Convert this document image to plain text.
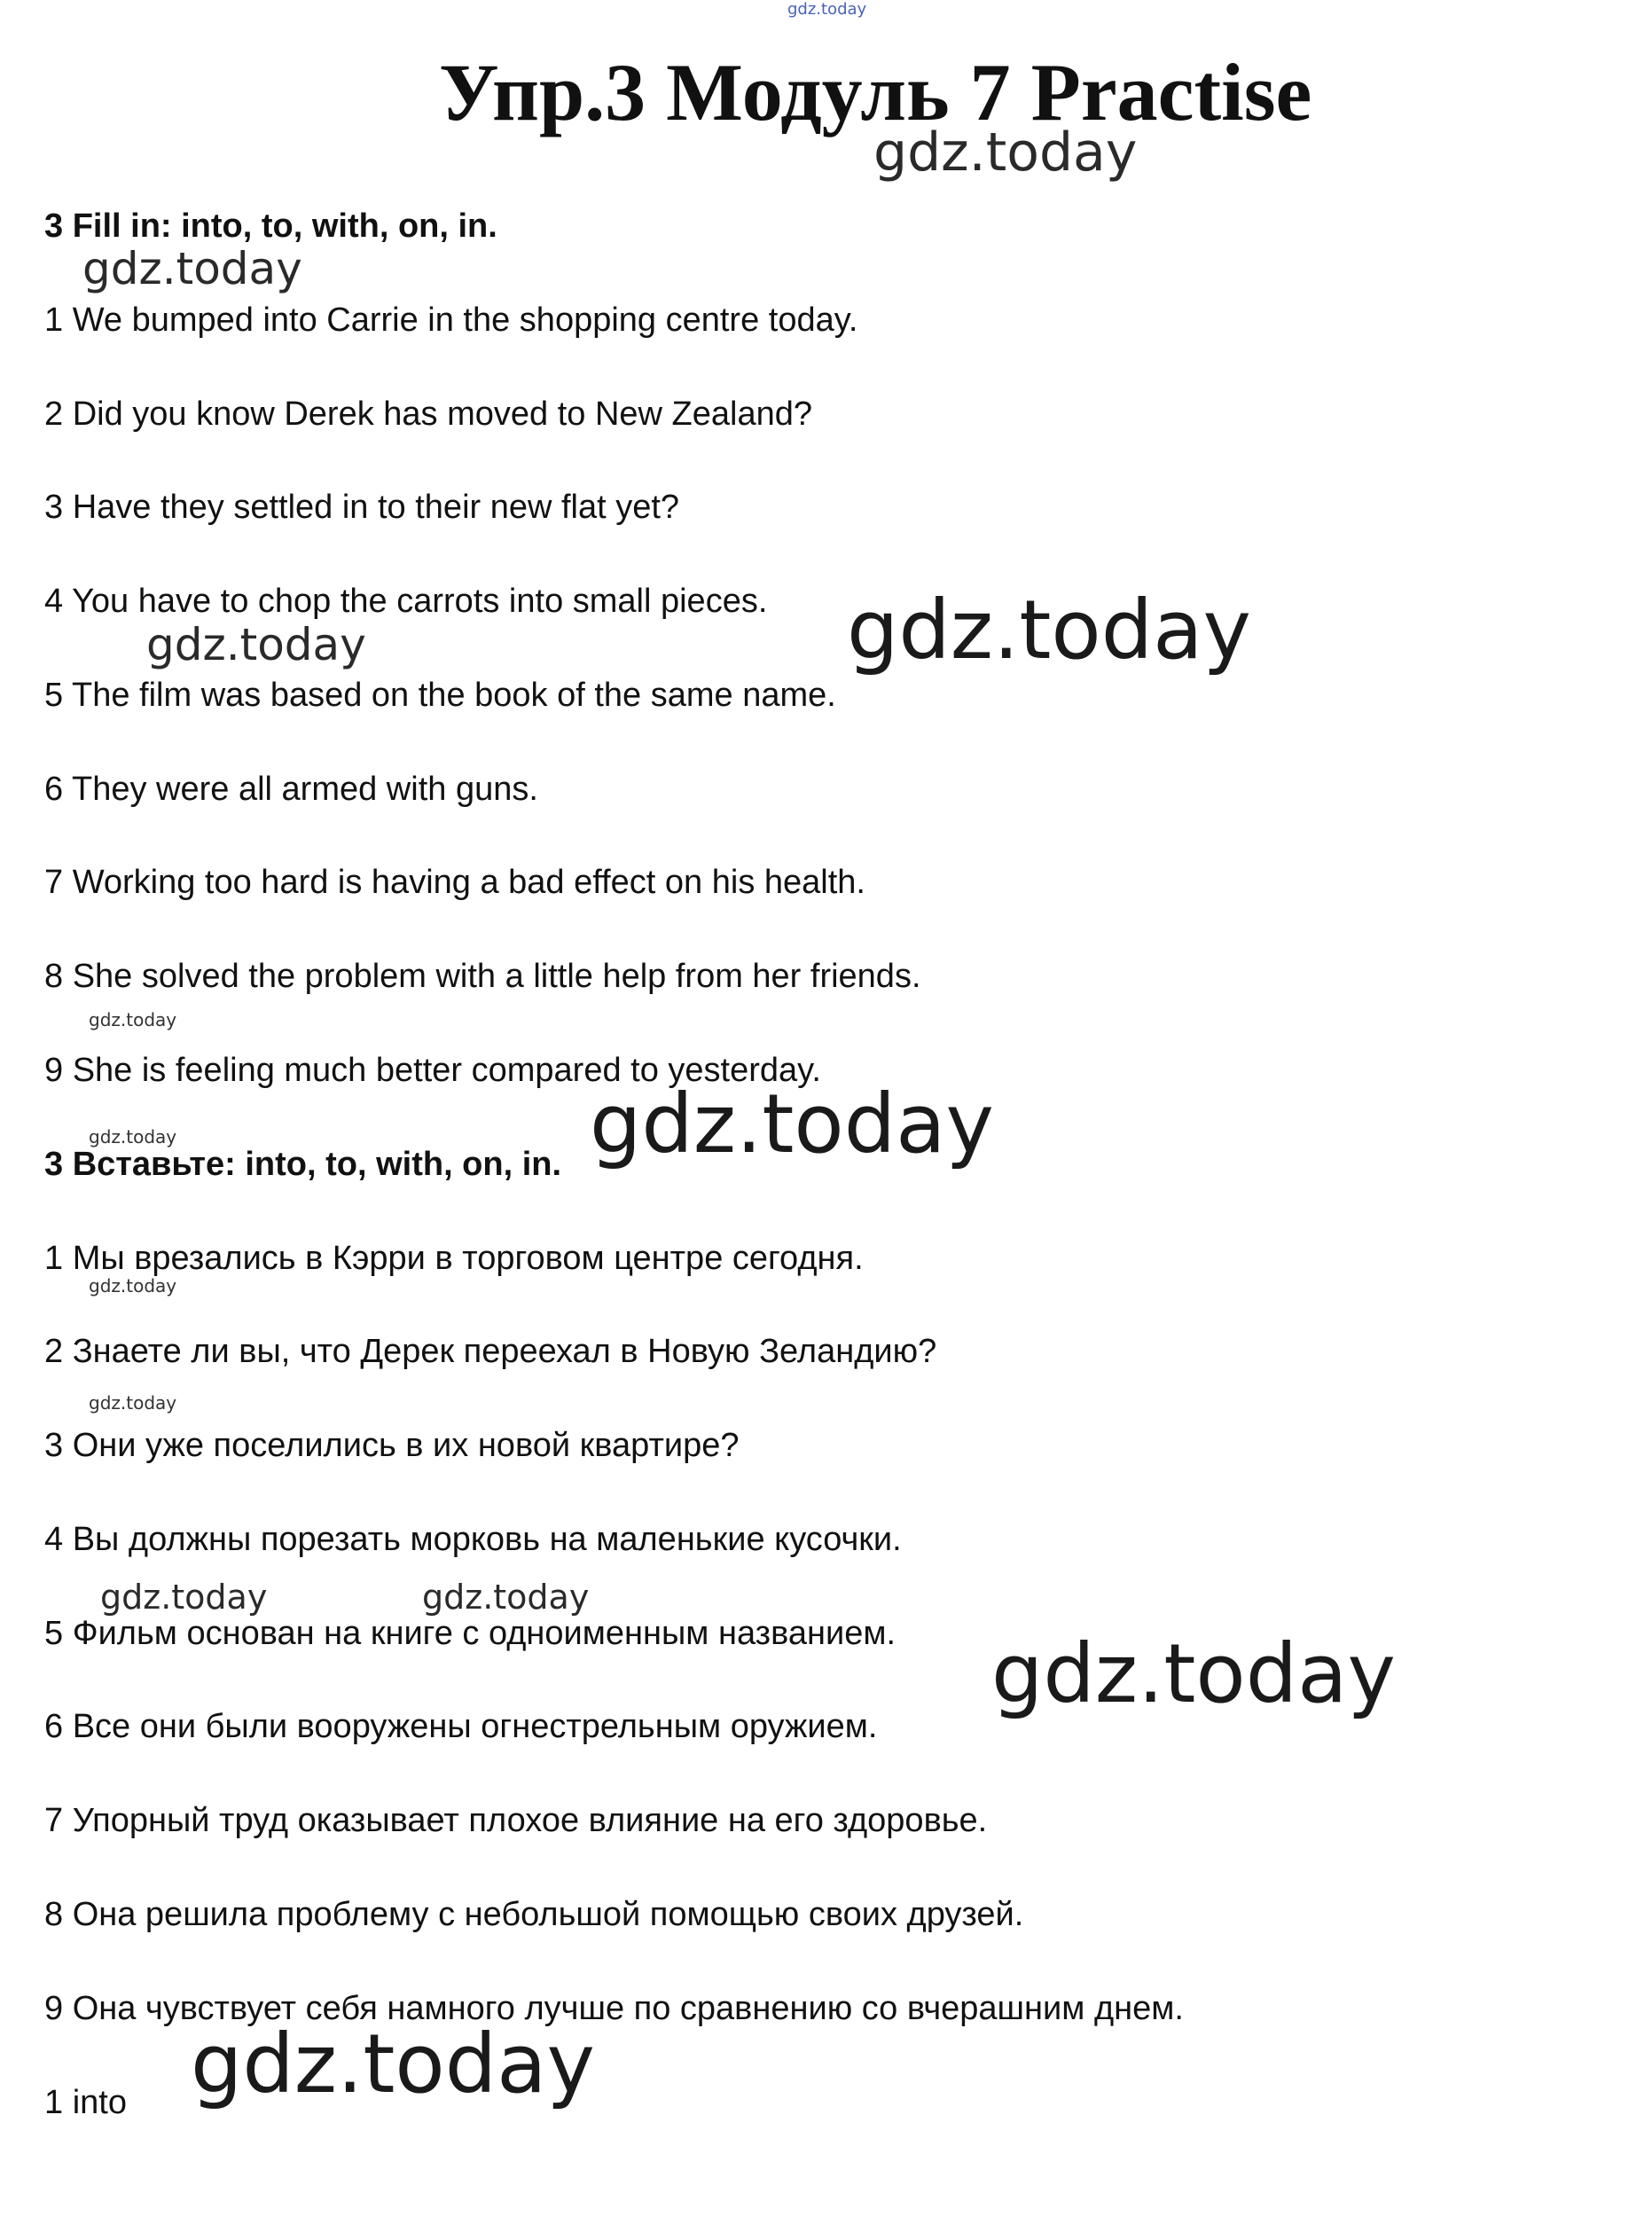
gdz.today
gdz.today
gdz.today
gdz.today	gdz.today
gdz.today
gdz.today	gdz.today
gdz.today
gdz.today
gdz.today	gdz.today
gdz.today
gdz.today
Упр.3 Модуль 7 Practise
3 Fill in: into, to, with, on, in.
1 We bumped into Carrie in the shopping centre today.
2 Did you know Derek has moved to New Zealand?
3 Have they settled in to their new flat yet?
4 You have to chop the carrots into small pieces.
5 The film was based on the book of the same name.
6 They were all armed with guns.
7 Working too hard is having a bad effect on his health.
8 She solved the problem with a little help from her friends.
9 She is feeling much better compared to yesterday.
3 Вставьте: into, to, with, on, in.
1 Мы врезались в Кэрри в торговом центре сегодня.
2 Знаете ли вы, что Дерек переехал в Новую Зеландию?
3 Они уже поселились в их новой квартире?
4 Вы должны порезать морковь на маленькие кусочки.
5 Фильм основан на книге с одноименным названием.
6 Все они были вооружены огнестрельным оружием.
7 Упорный труд оказывает плохое влияние на его здоровье.
8 Она решила проблему с небольшой помощью своих друзей.
9 Она чувствует себя намного лучше по сравнению со вчерашним днем.
1 into
